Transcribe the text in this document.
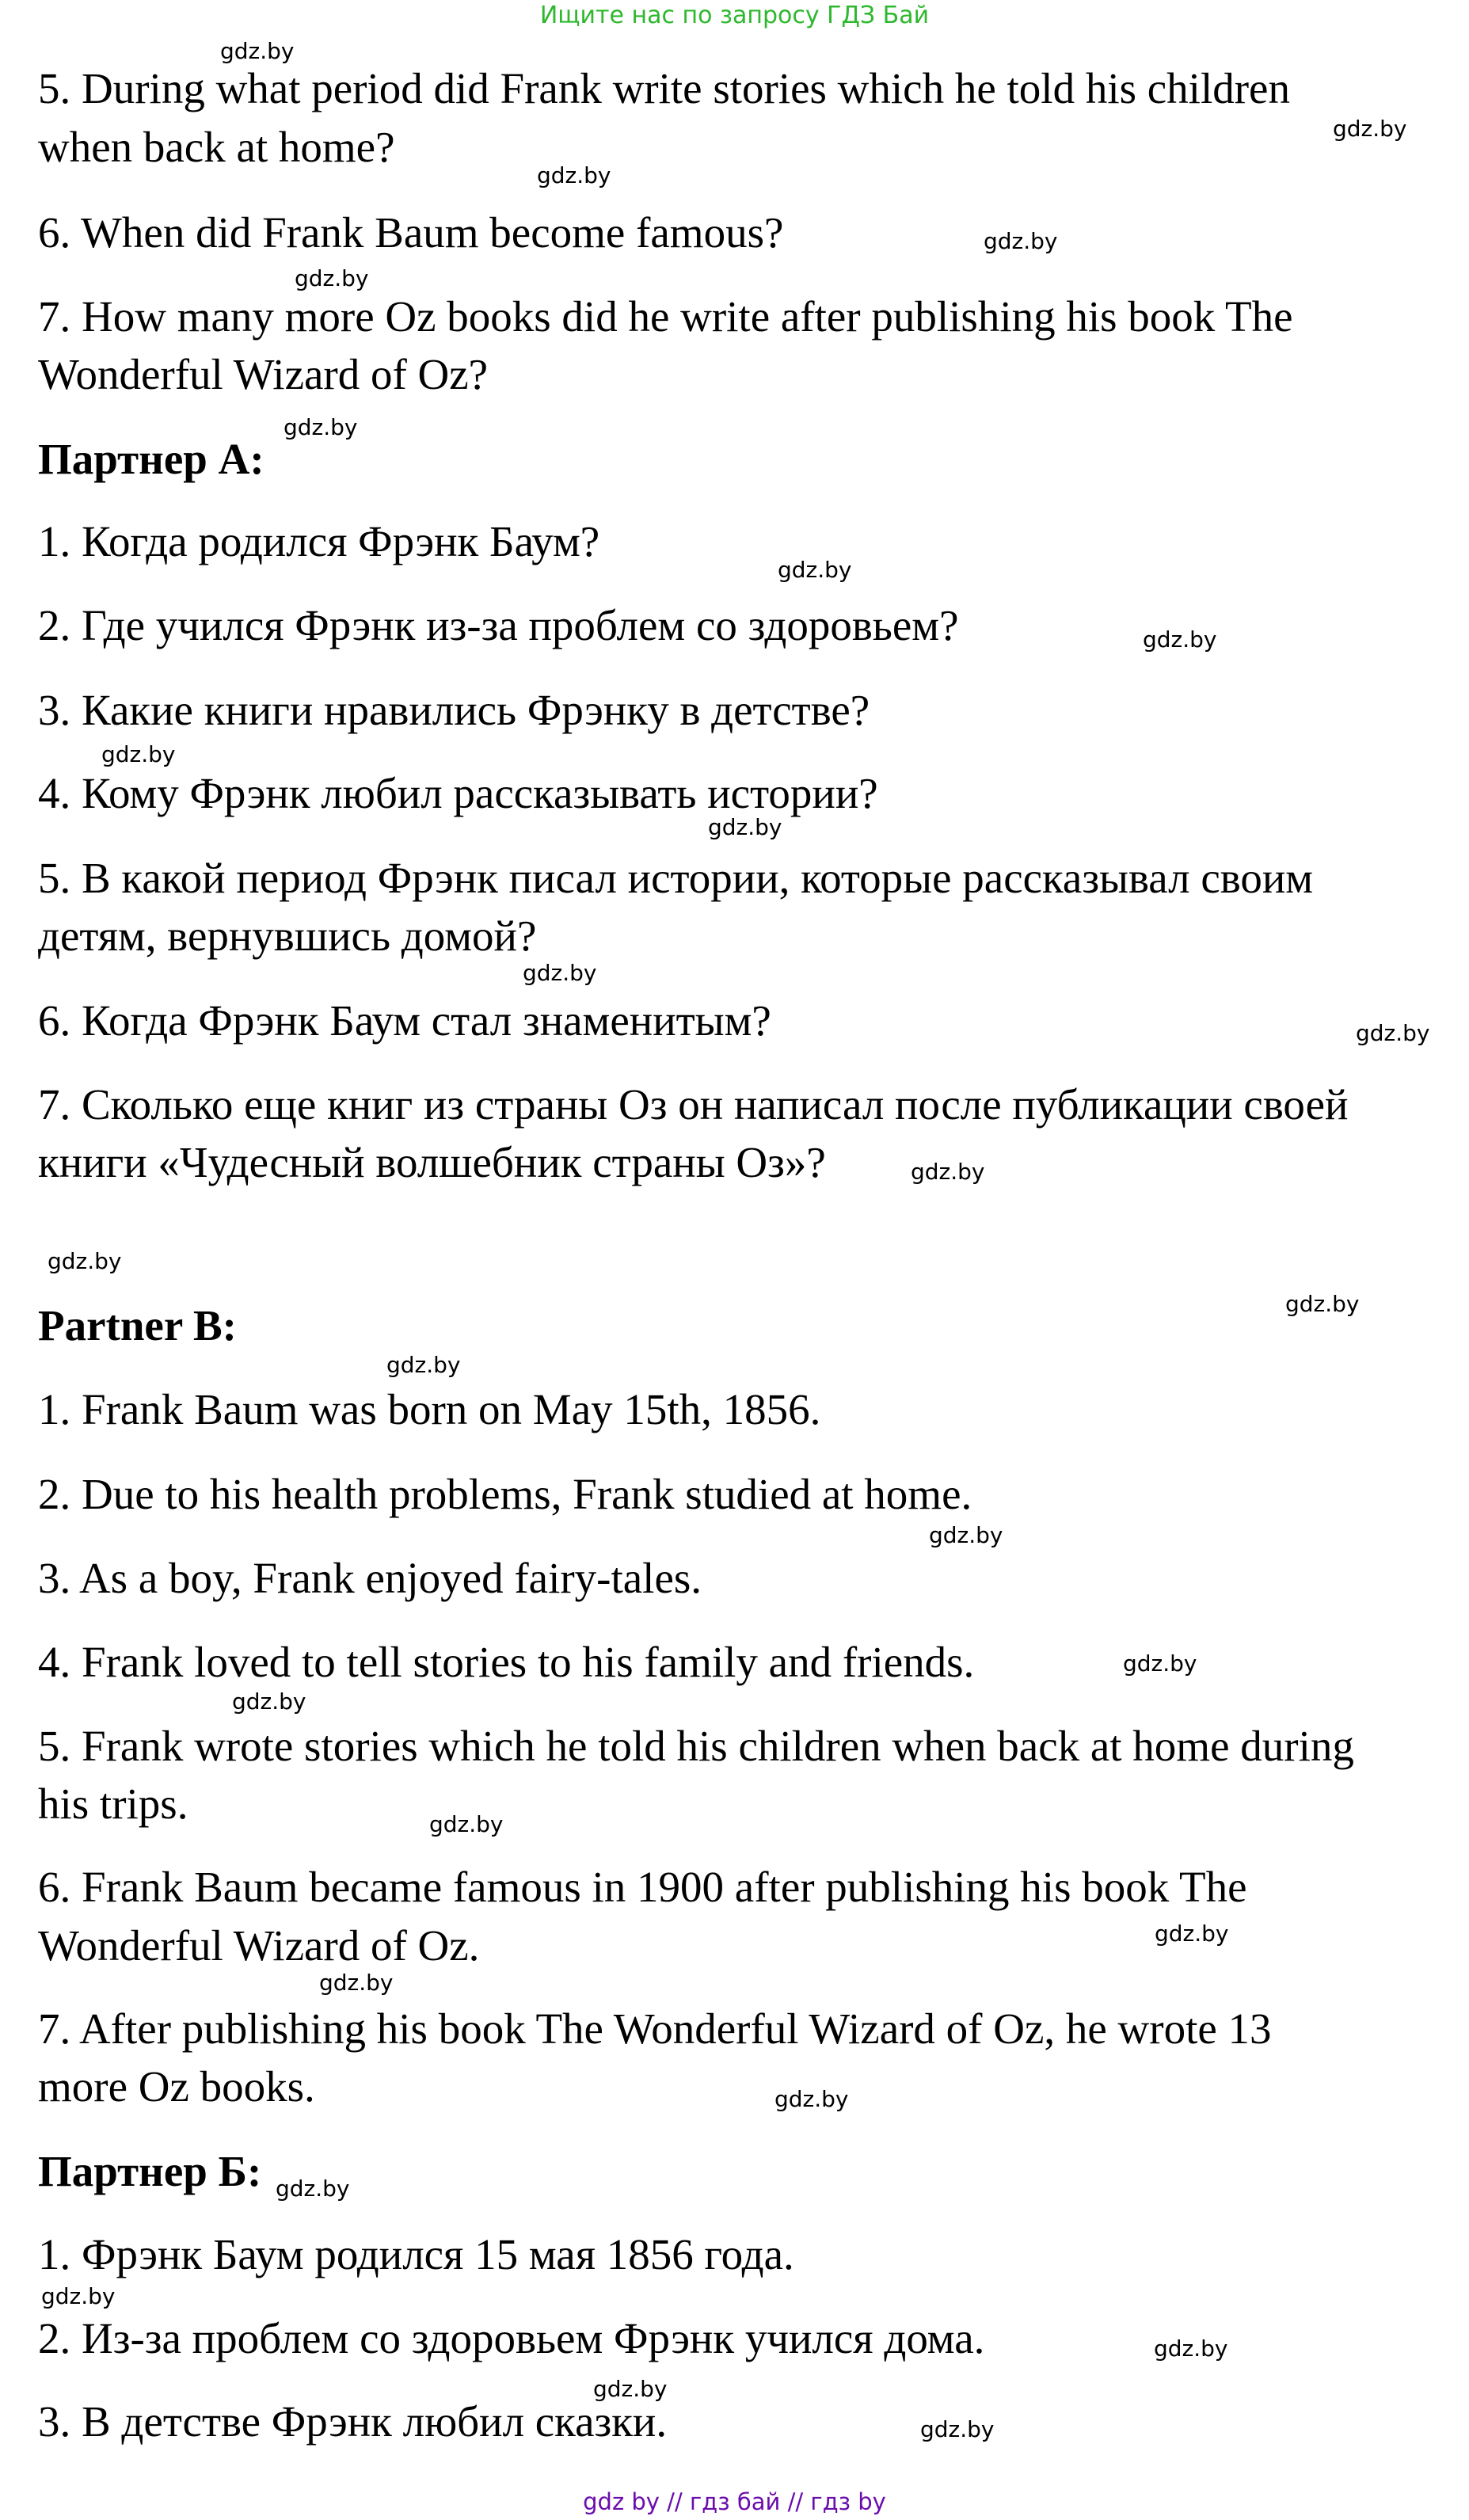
Ищите нас по запросу ГДЗ Бай
5. During what period did Frank write stories which he told his children
when back at home?
6. When did Frank Baum become famous?
7. How many more Oz books did he write after publishing his book The
Wonderful Wizard of Oz?
Партнер А:
1. Когда родился Фрэнк Баум?
2. Где учился Фрэнк из-за проблем со здоровьем?
3. Какие книги нравились Фрэнку в детстве?
4. Кому Фрэнк любил рассказывать истории?
5. В какой период Фрэнк писал истории, которые рассказывал своим
детям, вернувшись домой?
6. Когда Фрэнк Баум стал знаменитым?
7. Сколько еще книг из страны Оз он написал после публикации своей
книги «Чудесный волшебник страны Оз»?
Partner B:
1. Frank Baum was born on May 15th, 1856.
2. Due to his health problems, Frank studied at home.
3. As a boy, Frank enjoyed fairy-tales.
4. Frank loved to tell stories to his family and friends.
5. Frank wrote stories which he told his children when back at home during
his trips.
6. Frank Baum became famous in 1900 after publishing his book The
Wonderful Wizard of Oz.
7. After publishing his book The Wonderful Wizard of Oz, he wrote 13
more Oz books.
Партнер Б:
1. Фрэнк Баум родился 15 мая 1856 года.
2. Из-за проблем со здоровьем Фрэнк учился дома.
3. В детстве Фрэнк любил сказки.
gdz.by
gdz.by
gdz.by
gdz.by
gdz.by
gdz.by
gdz.by
gdz.by
gdz.by
gdz.by
gdz.by
gdz.by
gdz.by
gdz.by
gdz.by
gdz.by
gdz.by
gdz.by
gdz.by
gdz.by
gdz.by
gdz.by
gdz.by
gdz.by
gdz.by
gdz.by
gdz.by
gdz.by
gdz by // гдз бай // гдз by
